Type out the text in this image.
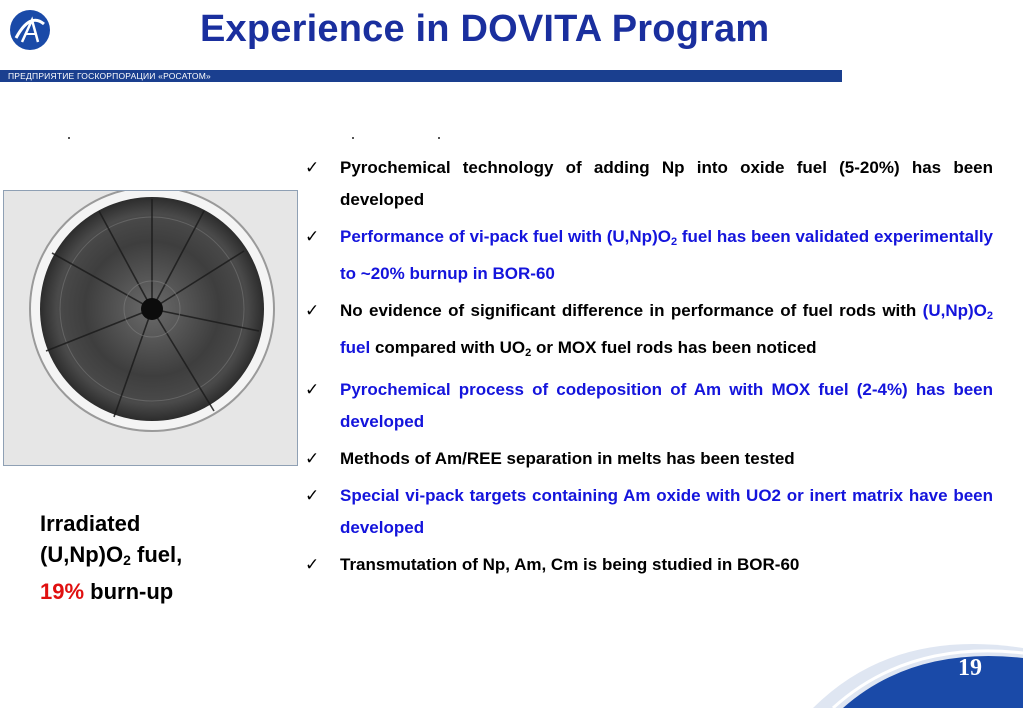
Experience in DOVITA Program
ПРЕДПРИЯТИЕ ГОСКОРПОРАЦИИ «РОСАТОМ»
Irradiated
$(U,Np)O_2$ fuel,
19% burn-up
✓ Pyrochemical technology of adding Np into oxide fuel (5-20%) has been developed
✓ Performance of vi-pack fuel with $(U,Np)O_2$ fuel has been validated experimentally to ~20% burnup in BOR-60
✓ No evidence of significant difference in performance of fuel rods with $(U,Np)O_2$ fuel compared with $UO_2$ or MOX fuel rods has been noticed
✓ Pyrochemical process of codeposition of Am with MOX fuel (2-4%) has been developed
✓ Methods of Am/REE separation in melts has been tested
✓ Special vi-pack targets containing Am oxide with UO2 or inert matrix have been developed
✓ Transmutation of Np, Am, Cm is being studied in BOR-60
19
